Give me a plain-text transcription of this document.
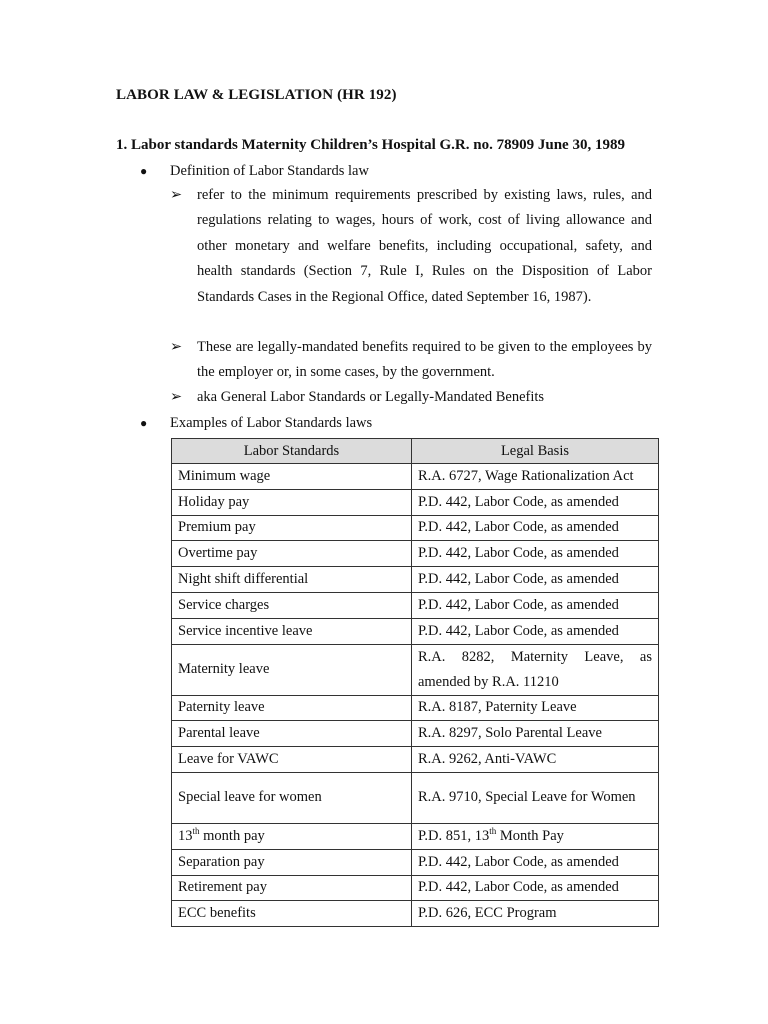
LABOR LAW & LEGISLATION (HR 192)
1. Labor standards Maternity Children’s Hospital G.R. no. 78909 June 30, 1989
● Definition of Labor Standards law
➢	refer to the minimum requirements prescribed by existing laws, rules, and regulations relating to wages, hours of work, cost of living allowance and other monetary and welfare benefits, including occupational, safety, and health standards (Section 7, Rule I, Rules on the Disposition of Labor Standards Cases in the Regional Office, dated September 16, 1987).
➢	These are legally-mandated benefits required to be given to the employees by the employer or, in some cases, by the government.
➢	aka General Labor Standards or Legally-Mandated Benefits
● Examples of Labor Standards laws
Labor Standards	Legal Basis
Minimum wage	R.A. 6727, Wage Rationalization Act
Holiday pay	P.D. 442, Labor Code, as amended
Premium pay	P.D. 442, Labor Code, as amended
Overtime pay	P.D. 442, Labor Code, as amended
Night shift differential	P.D. 442, Labor Code, as amended
Service charges	P.D. 442, Labor Code, as amended
Service incentive leave	P.D. 442, Labor Code, as amended
Maternity leave	R.A. 8282, Maternity Leave, as amended by R.A. 11210
Paternity leave	R.A. 8187, Paternity Leave
Parental leave	R.A. 8297, Solo Parental Leave
Leave for VAWC	R.A. 9262, Anti-VAWC
Special leave for women	R.A. 9710, Special Leave for Women
13th month pay	P.D. 851, 13th Month Pay
Separation pay	P.D. 442, Labor Code, as amended
Retirement pay	P.D. 442, Labor Code, as amended
ECC benefits	P.D. 626, ECC Program
